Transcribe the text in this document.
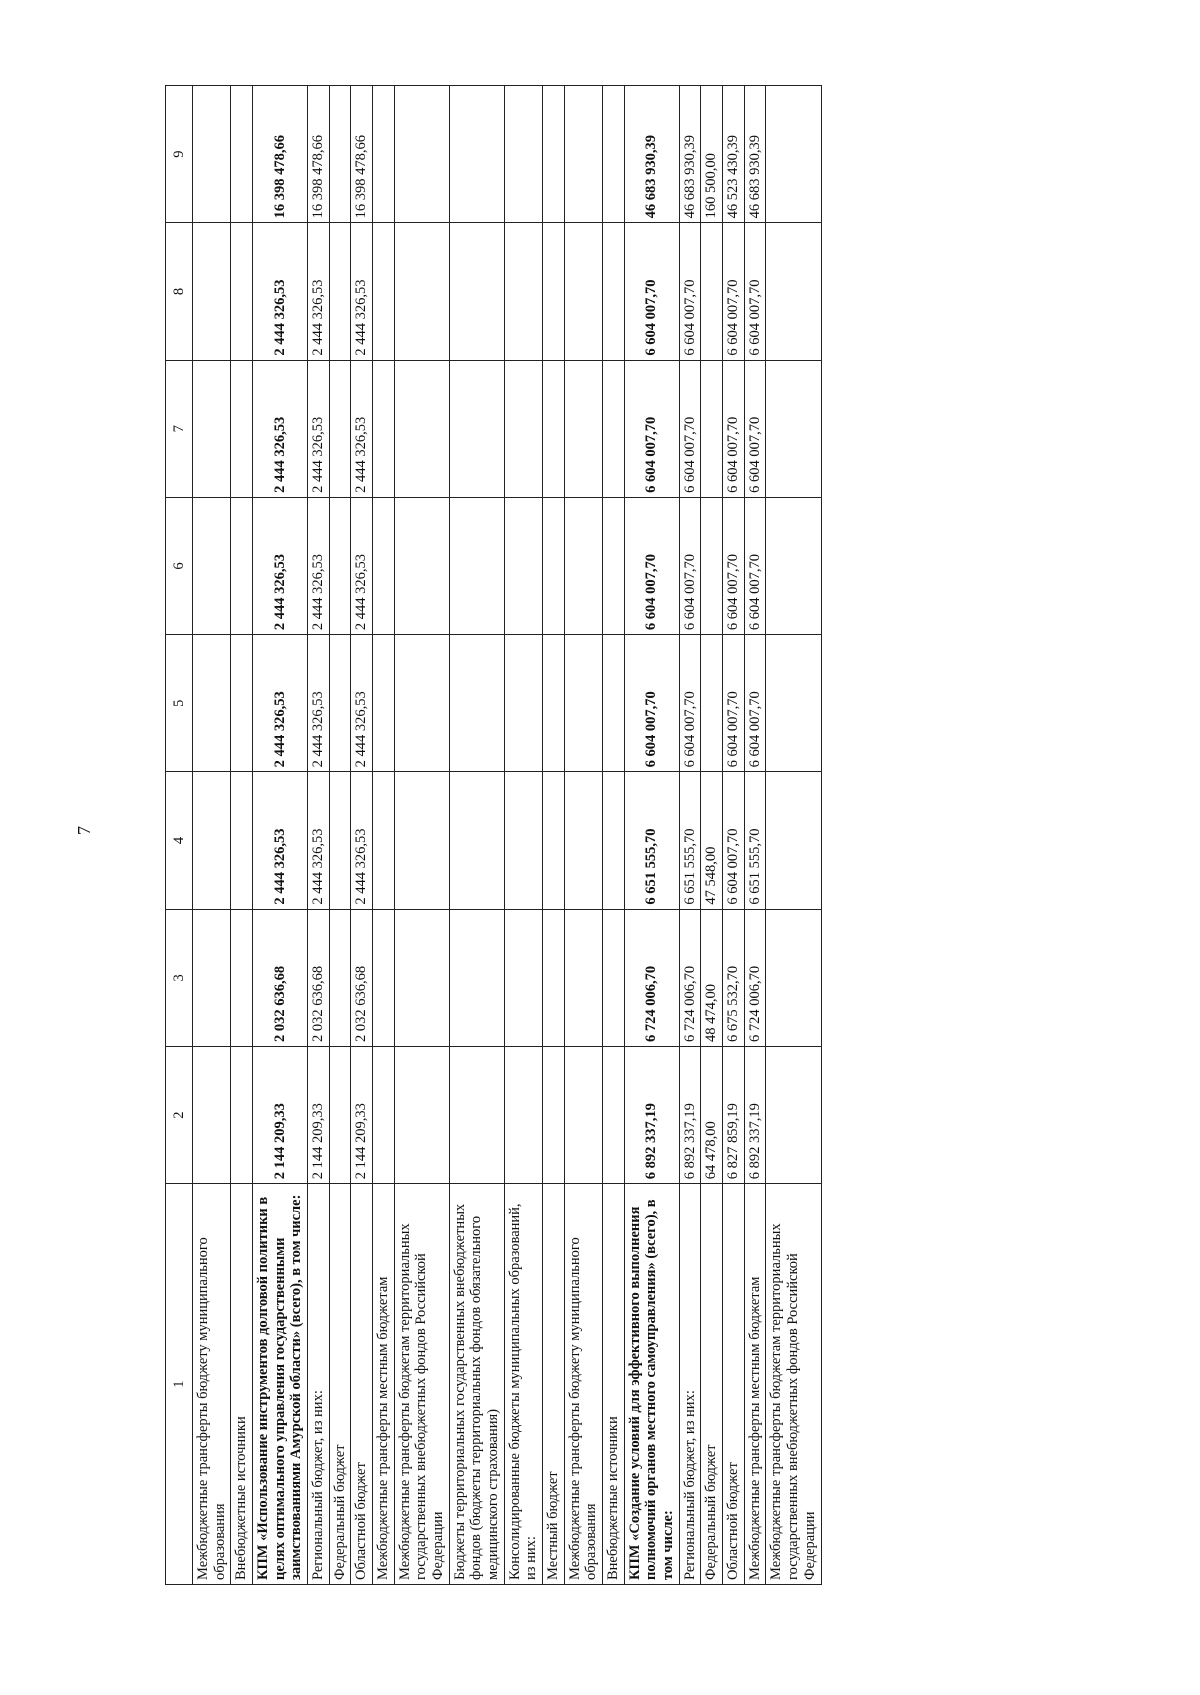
7
1	2	3	4	5	6	7	8	9
Межбюджетные трансферты бюджету муниципального образования								
Внебюджетные источники								
КПМ «Использование инструментов долговой политики в целях оптимального управления государственными заимствованиями Амурской области» (всего), в том числе:	2 144 209,33	2 032 636,68	2 444 326,53	2 444 326,53	2 444 326,53	2 444 326,53	2 444 326,53	16 398 478,66
Региональный бюджет, из них:	2 144 209,33	2 032 636,68	2 444 326,53	2 444 326,53	2 444 326,53	2 444 326,53	2 444 326,53	16 398 478,66
Федеральный бюджет								
Областной бюджет	2 144 209,33	2 032 636,68	2 444 326,53	2 444 326,53	2 444 326,53	2 444 326,53	2 444 326,53	16 398 478,66
Межбюджетные трансферты местным бюджетам								
Межбюджетные трансферты бюджетам территориальных государственных внебюджетных фондов Российской Федерации								
Бюджеты территориальных государственных внебюджетных фондов (бюджеты территориальных фондов обязательного медицинского страхования)								
Консолидированные бюджеты муниципальных образований, из них:								
Местный бюджет								
Межбюджетные трансферты бюджету муниципального образования								
Внебюджетные источники								
КПМ «Создание условий для эффективного выполнения полномочий органов местного самоуправления» (всего), в том числе:	6 892 337,19	6 724 006,70	6 651 555,70	6 604 007,70	6 604 007,70	6 604 007,70	6 604 007,70	46 683 930,39
Региональный бюджет, из них:	6 892 337,19	6 724 006,70	6 651 555,70	6 604 007,70	6 604 007,70	6 604 007,70	6 604 007,70	46 683 930,39
Федеральный бюджет	64 478,00	48 474,00	47 548,00					160 500,00
Областной бюджет	6 827 859,19	6 675 532,70	6 604 007,70	6 604 007,70	6 604 007,70	6 604 007,70	6 604 007,70	46 523 430,39
Межбюджетные трансферты местным бюджетам	6 892 337,19	6 724 006,70	6 651 555,70	6 604 007,70	6 604 007,70	6 604 007,70	6 604 007,70	46 683 930,39
Межбюджетные трансферты бюджетам территориальных государственных внебюджетных фондов Российской Федерации								
